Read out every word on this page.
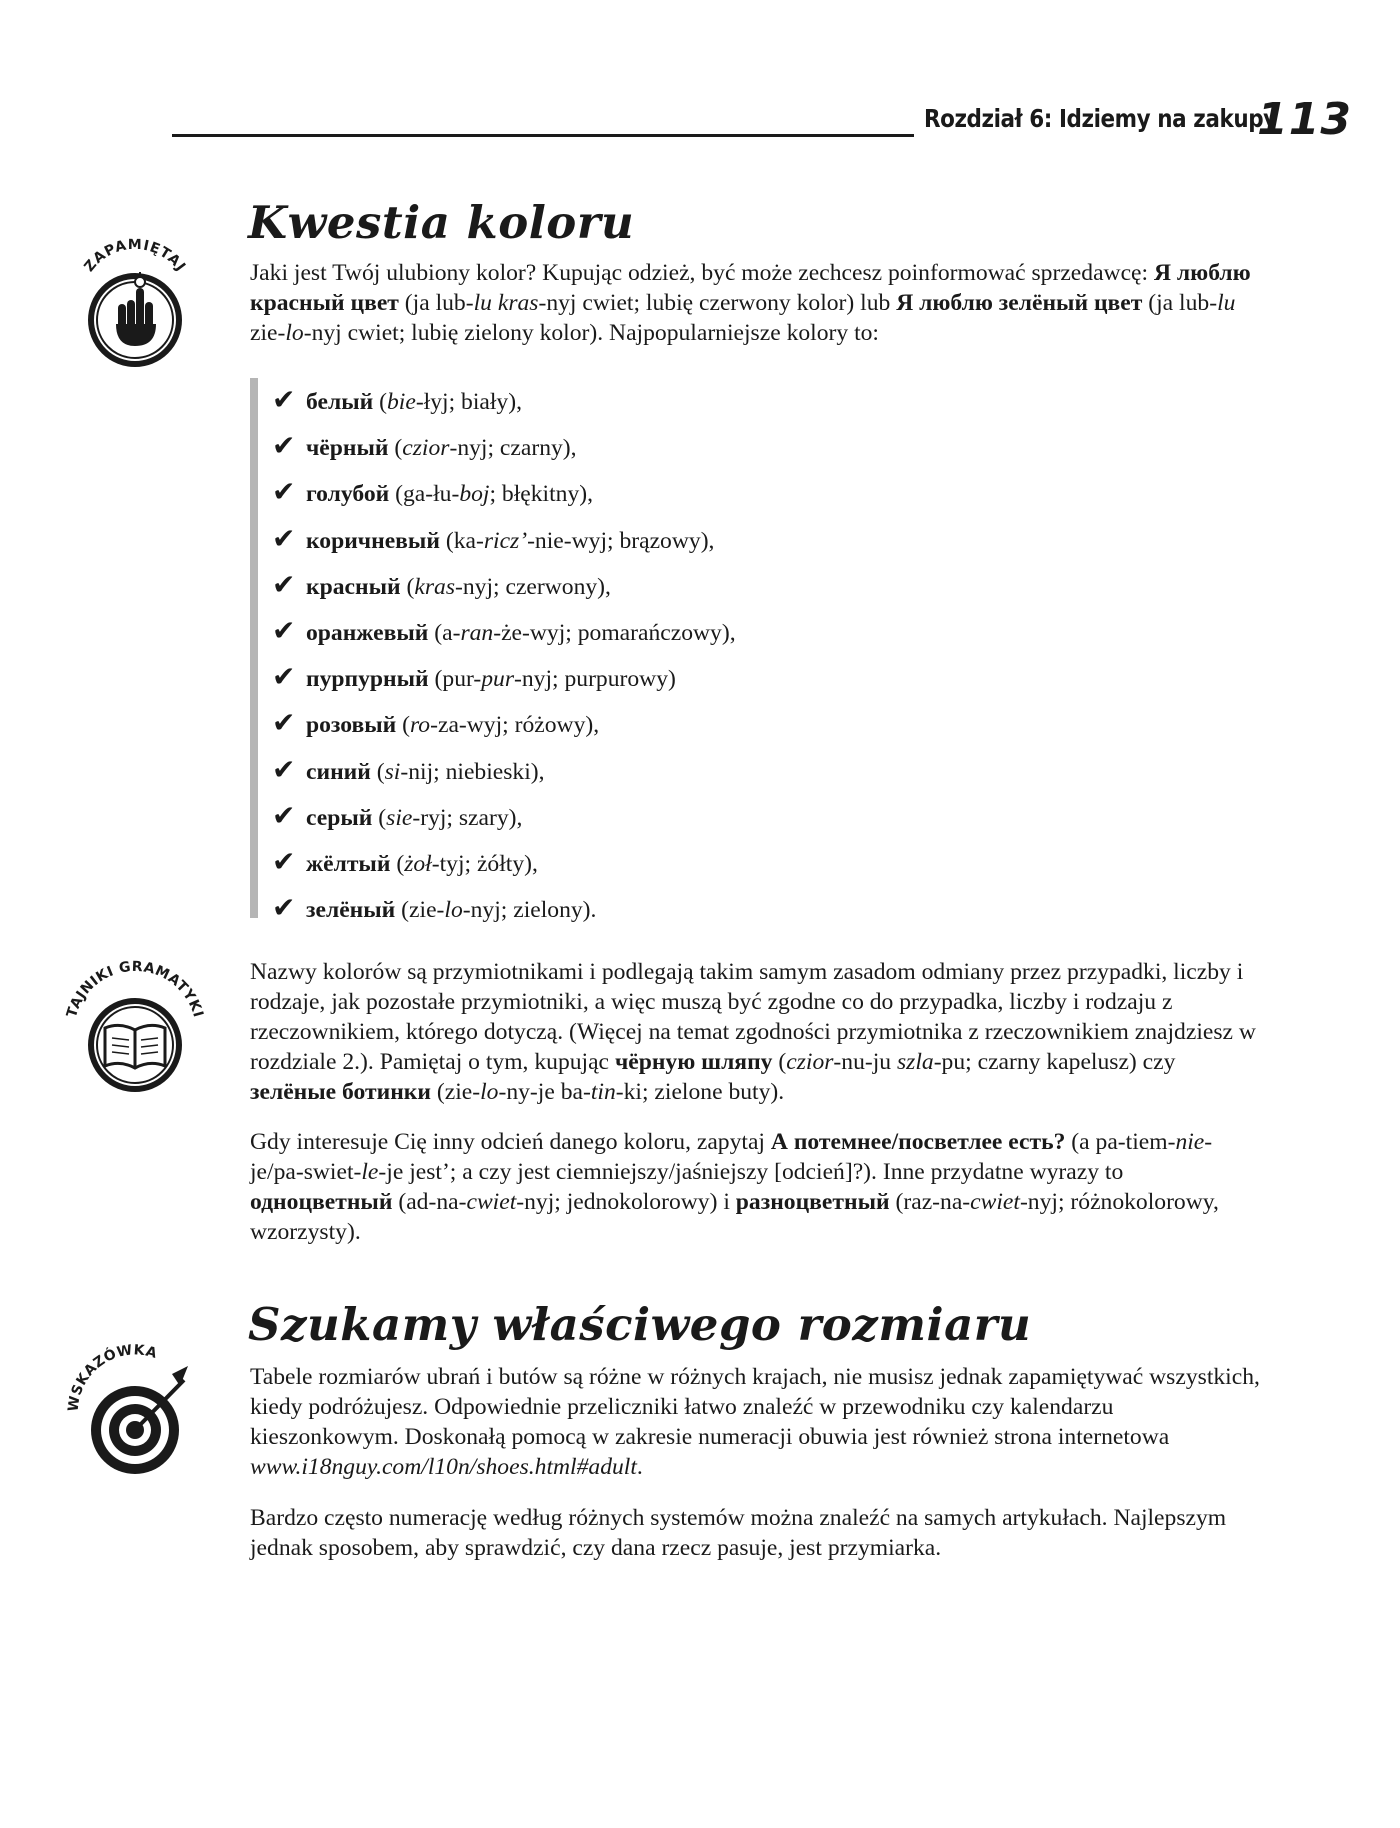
Rozdział 6: Idziemy na zakupy
113
Kwestia koloru
ZAPAMIĘTAJ	Jaki jest Twój ulubiony kolor? Kupując odzież, być może zechcesz poinformować sprzedawcę: Я люблю красный цвет (ja lub-lu kras-nyj cwiet; lubię czerwony kolor) lub Я люблю зелёный цвет (ja lub-lu zie-lo-nyj cwiet; lubię zielony kolor). Najpopularniejsze kolory to:

✔ белый (bie-łyj; biały),
✔ чёрный (czior-nyj; czarny),
✔ голубой (ga-łu-boj; błękitny),
✔ коричневый (ka-ricz’-nie-wyj; brązowy),
✔ красный (kras-nyj; czerwony),
✔ оранжевый (a-ran-że-wyj; pomarańczowy),
✔ пурпурный (pur-pur-nyj; purpurowy)
✔ розовый (ro-za-wyj; różowy),
✔ синий (si-nij; niebieski),
✔ серый (sie-ryj; szary),
✔ жёлтый (żoł-tyj; żółty),
✔ зелёный (zie-lo-nyj; zielony).
TAJNIKI GRAMATYKI

Nazwy kolorów są przymiotnikami i podlegają takim samym zasadom odmiany przez przypadki, liczby i rodzaje, jak pozostałe przymiotniki, a więc muszą być zgodne co do przypadka, liczby i rodzaju z rzeczownikiem, którego dotyczą. (Więcej na temat zgodności przymiotnika z rzeczownikiem znajdziesz w rozdziale 2.). Pamiętaj o tym, kupując чёрную шляпу (czior-nu-ju szla-pu; czarny kapelusz) czy зелёные ботинки (zie-lo-ny-je ba-tin-ki; zielone buty).

Gdy interesuje Cię inny odcień danego koloru, zapytaj А потемнее/посветлее есть? (a pa-tiem-nie-je/pa-swiet-le-je jest’; a czy jest ciemniejszy/jaśniejszy [odcień]?). Inne przydatne wyrazy to одноцветный (ad-na-cwiet-nyj; jednokolorowy) i разноцветный (raz-na-cwiet-nyj; różnokolorowy, wzorzysty).

Szukamy właściwego rozmiaru
WSKAZÓWKA

Tabele rozmiarów ubrań i butów są różne w różnych krajach, nie musisz jednak zapamiętywać wszystkich, kiedy podróżujesz. Odpowiednie przeliczniki łatwo znaleźć w przewodniku czy kalendarzu kieszonkowym. Doskonałą pomocą w zakresie numeracji obuwia jest również strona internetowa www.i18nguy.com/l10n/shoes.html#adult.

Bardzo często numerację według różnych systemów można znaleźć na samych artykułach. Najlepszym jednak sposobem, aby sprawdzić, czy dana rzecz pasuje, jest przymiarka.
